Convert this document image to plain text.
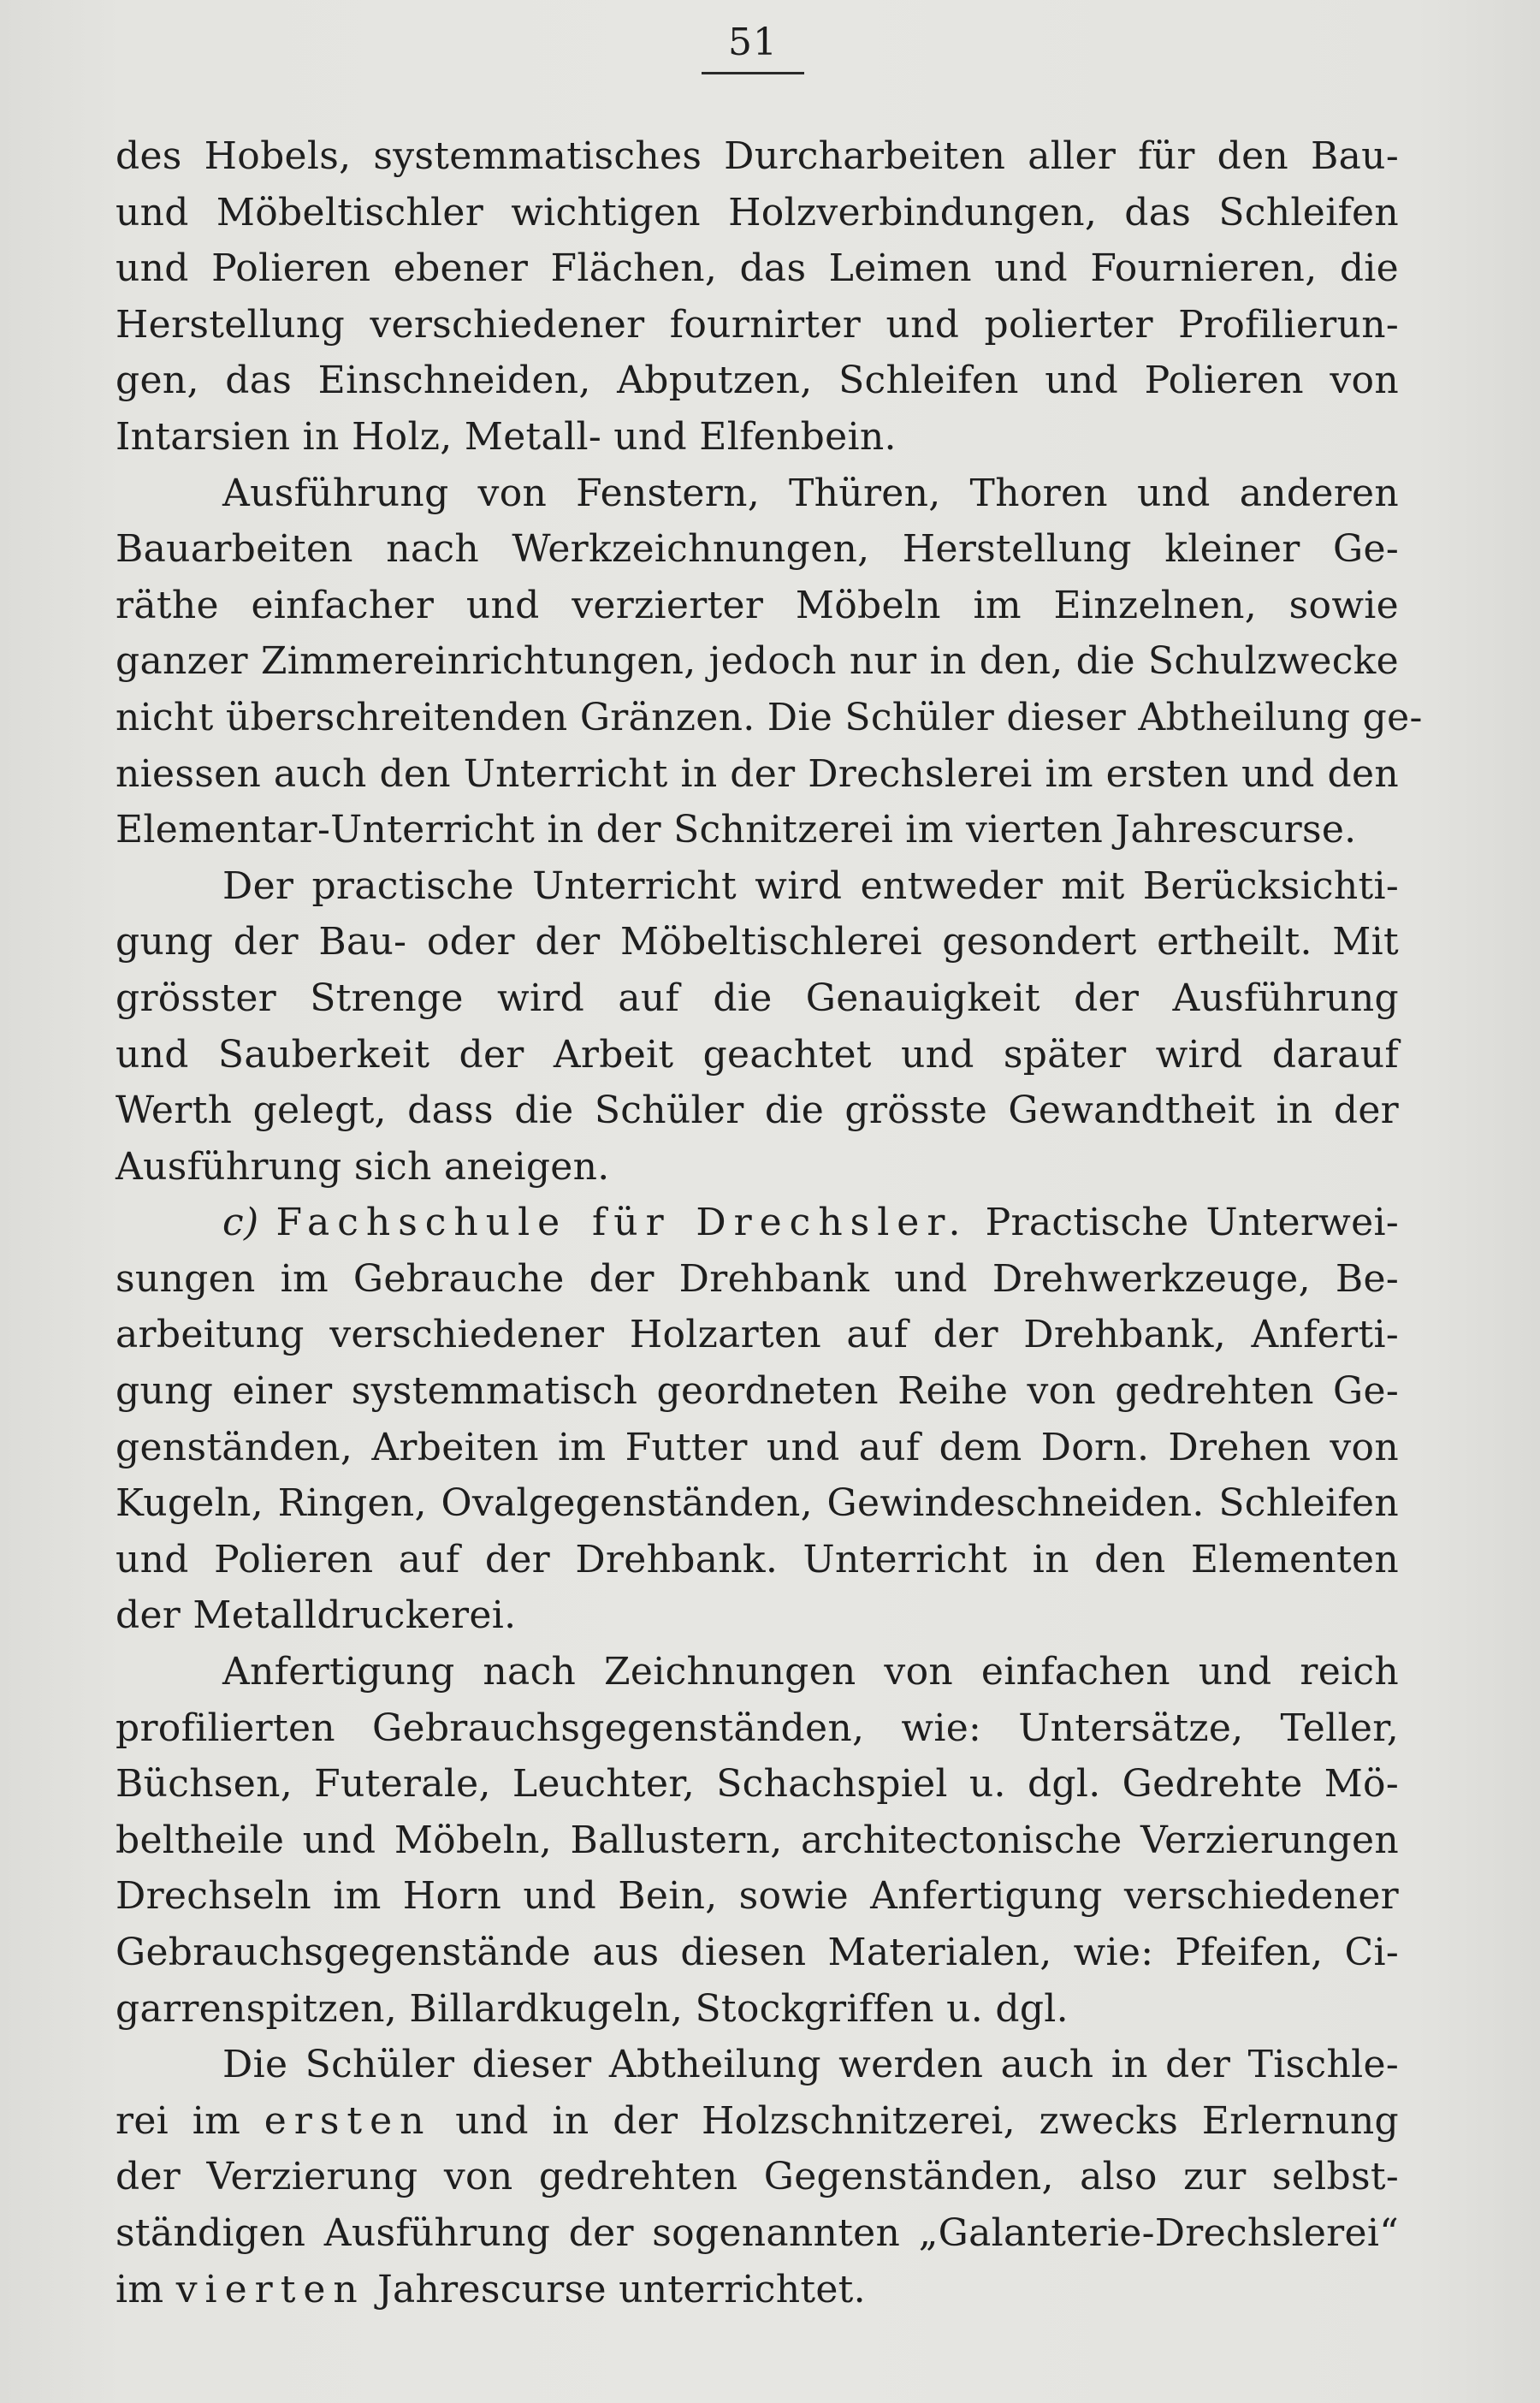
51
des Hobels, systemmatisches Durcharbeiten aller für den Bau-
und Möbeltischler wichtigen Holzverbindungen, das Schleifen
und Polieren ebener Flächen, das Leimen und Fournieren, die
Herstellung verschiedener fournirter und polierter Profilierun-
gen, das Einschneiden, Abputzen, Schleifen und Polieren von
Intarsien in Holz, Metall- und Elfenbein.
Ausführung von Fenstern, Thüren, Thoren und anderen
Bauarbeiten nach Werkzeichnungen, Herstellung kleiner Ge-
räthe einfacher und verzierter Möbeln im Einzelnen, sowie
ganzer Zimmereinrichtungen, jedoch nur in den, die Schulzwecke
nicht überschreitenden Gränzen. Die Schüler dieser Abtheilung ge-
niessen auch den Unterricht in der Drechslerei im ersten und den
Elementar-Unterricht in der Schnitzerei im vierten Jahrescurse.
Der practische Unterricht wird entweder mit Berücksichti-
gung der Bau- oder der Möbeltischlerei gesondert ertheilt. Mit
grösster Strenge wird auf die Genauigkeit der Ausführung
und Sauberkeit der Arbeit geachtet und später wird darauf
Werth gelegt, dass die Schüler die grösste Gewandtheit in der
Ausführung sich aneigen.
c) Fachschule für Drechsler. Practische Unterwei-
sungen im Gebrauche der Drehbank und Drehwerkzeuge, Be-
arbeitung verschiedener Holzarten auf der Drehbank, Anferti-
gung einer systemmatisch geordneten Reihe von gedrehten Ge-
genständen, Arbeiten im Futter und auf dem Dorn. Drehen von
Kugeln, Ringen, Ovalgegenständen, Gewindeschneiden. Schleifen
und Polieren auf der Drehbank. Unterricht in den Elementen
der Metalldruckerei.
Anfertigung nach Zeichnungen von einfachen und reich
profilierten Gebrauchsgegenständen, wie: Untersätze, Teller,
Büchsen, Futerale, Leuchter, Schachspiel u. dgl. Gedrehte Mö-
beltheile und Möbeln, Ballustern, architectonische Verzierungen
Drechseln im Horn und Bein, sowie Anfertigung verschiedener
Gebrauchsgegenstände aus diesen Materialen, wie: Pfeifen, Ci-
garrenspitzen, Billardkugeln, Stockgriffen u. dgl.
Die Schüler dieser Abtheilung werden auch in der Tischle-
rei im ersten und in der Holzschnitzerei, zwecks Erlernung
der Verzierung von gedrehten Gegenständen, also zur selbst-
ständigen Ausführung der sogenannten „Galanterie-Drechslerei“
im vierten Jahrescurse unterrichtet.
